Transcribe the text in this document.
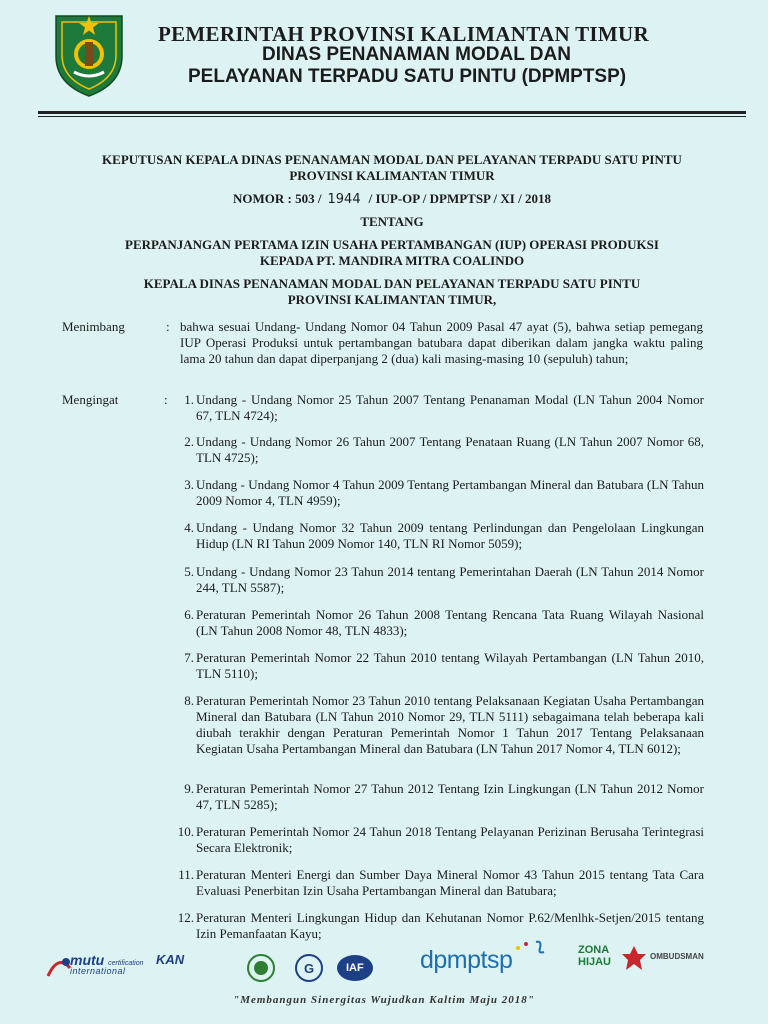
PEMERINTAH PROVINSI KALIMANTAN TIMUR
DINAS PENANAMAN MODAL DAN
PELAYANAN TERPADU SATU PINTU (DPMPTSP)
KEPUTUSAN KEPALA DINAS PENANAMAN MODAL DAN PELAYANAN TERPADU SATU PINTU
PROVINSI KALIMANTAN TIMUR
NOMOR : 503 / 1944 / IUP-OP / DPMPTSP / XI / 2018
TENTANG
PERPANJANGAN PERTAMA IZIN USAHA PERTAMBANGAN (IUP) OPERASI PRODUKSI
KEPADA PT. MANDIRA MITRA COALINDO
KEPALA DINAS PENANAMAN MODAL DAN PELAYANAN TERPADU SATU PINTU
PROVINSI KALIMANTAN TIMUR,
Menimbang	: bahwa sesuai Undang- Undang Nomor 04 Tahun 2009 Pasal 47 ayat (5), bahwa setiap pemegang IUP Operasi Produksi untuk pertambangan batubara dapat diberikan dalam jangka waktu paling lama 20 tahun dan dapat diperpanjang 2 (dua) kali masing-masing 10 (sepuluh) tahun;
Mengingat	:	1. Undang - Undang Nomor 25 Tahun 2007 Tentang Penanaman Modal (LN Tahun 2004 Nomor 67, TLN 4724);
2. Undang - Undang Nomor 26 Tahun 2007 Tentang Penataan Ruang (LN Tahun 2007 Nomor 68, TLN 4725);
3. Undang - Undang Nomor 4 Tahun 2009 Tentang Pertambangan Mineral dan Batubara (LN Tahun 2009 Nomor 4, TLN 4959);
4. Undang - Undang Nomor 32 Tahun 2009 tentang Perlindungan dan Pengelolaan Lingkungan Hidup (LN RI Tahun 2009 Nomor 140, TLN RI Nomor 5059);
5. Undang - Undang Nomor 23 Tahun 2014 tentang Pemerintahan Daerah (LN Tahun 2014 Nomor 244, TLN 5587);
6. Peraturan Pemerintah Nomor 26 Tahun 2008 Tentang Rencana Tata Ruang Wilayah Nasional (LN Tahun 2008 Nomor 48, TLN 4833);
7. Peraturan Pemerintah Nomor 22 Tahun 2010 tentang Wilayah Pertambangan (LN Tahun 2010, TLN 5110);
8. Peraturan Pemerintah Nomor 23 Tahun 2010 tentang Pelaksanaan Kegiatan Usaha Pertambangan Mineral dan Batubara (LN Tahun 2010 Nomor 29, TLN 5111) sebagaimana telah beberapa kali diubah terakhir dengan Peraturan Pemerintah Nomor 1 Tahun 2017 Tentang Pelaksanaan Kegiatan Usaha Pertambangan Mineral dan Batubara (LN Tahun 2017 Nomor 4, TLN 6012);
9. Peraturan Pemerintah Nomor 27 Tahun 2012 Tentang Izin Lingkungan (LN Tahun 2012 Nomor 47, TLN 5285);
10. Peraturan Pemerintah Nomor 24 Tahun 2018 Tentang Pelayanan Perizinan Berusaha Terintegrasi Secara Elektronik;
11. Peraturan Menteri Energi dan Sumber Daya Mineral Nomor 43 Tahun 2015 tentang Tata Cara Evaluasi Penerbitan Izin Usaha Pertambangan Mineral dan Batubara;
12. Peraturan Menteri Lingkungan Hidup dan Kehutanan Nomor P.62/Menlhk-Setjen/2015 tentang Izin Pemanfaatan Kayu;
mutu certification
international
KAN
G	IAF dpmptsp	ZONA
HIJAU	OMBUDSMAN
"Membangun Sinergitas Wujudkan Kaltim Maju 2018"
